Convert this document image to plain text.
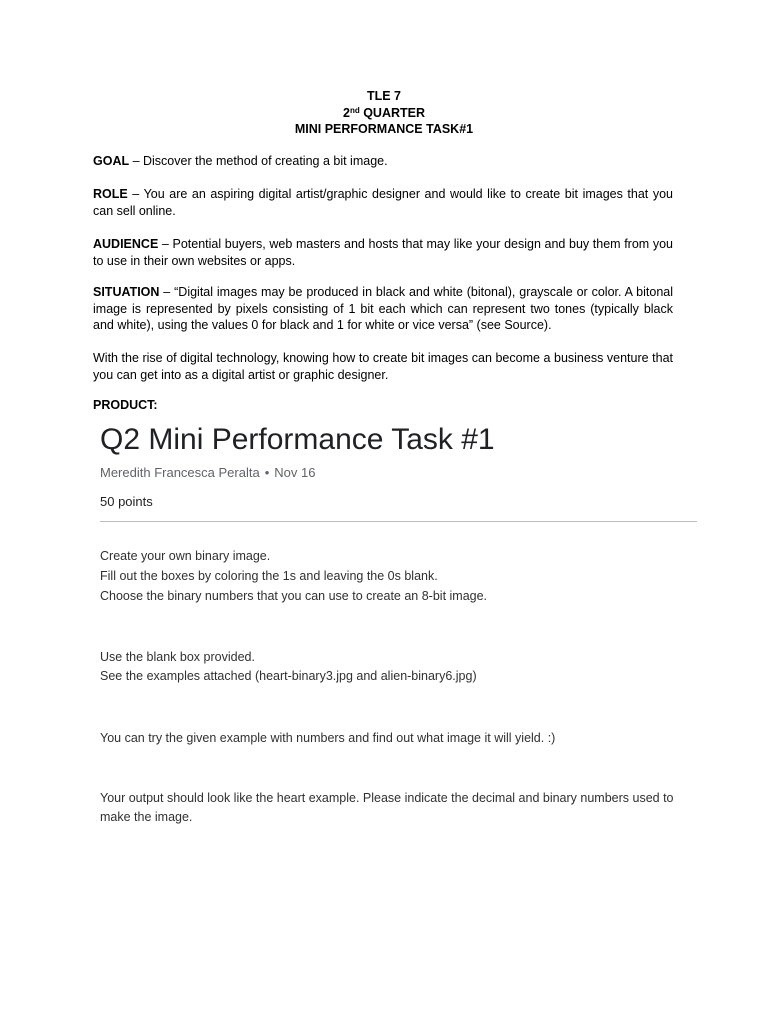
TLE 7
2nd QUARTER
MINI PERFORMANCE TASK#1
GOAL – Discover the method of creating a bit image.
ROLE – You are an aspiring digital artist/graphic designer and would like to create bit images that you can sell online.
AUDIENCE – Potential buyers, web masters and hosts that may like your design and buy them from you to use in their own websites or apps.
SITUATION – “Digital images may be produced in black and white (bitonal), grayscale or color. A bitonal image is represented by pixels consisting of 1 bit each which can represent two tones (typically black and white), using the values 0 for black and 1 for white or vice versa” (see Source).
With the rise of digital technology, knowing how to create bit images can become a business venture that you can get into as a digital artist or graphic designer.
PRODUCT:
Q2 Mini Performance Task #1
Meredith Francesca Peralta • Nov 16
50 points
Create your own binary image.
Fill out the boxes by coloring the 1s and leaving the 0s blank.
Choose the binary numbers that you can use to create an 8-bit image.
Use the blank box provided.
See the examples attached (heart-binary3.jpg and alien-binary6.jpg)
You can try the given example with numbers and find out what image it will yield. :)
Your output should look like the heart example. Please indicate the decimal and binary numbers used to make the image.
